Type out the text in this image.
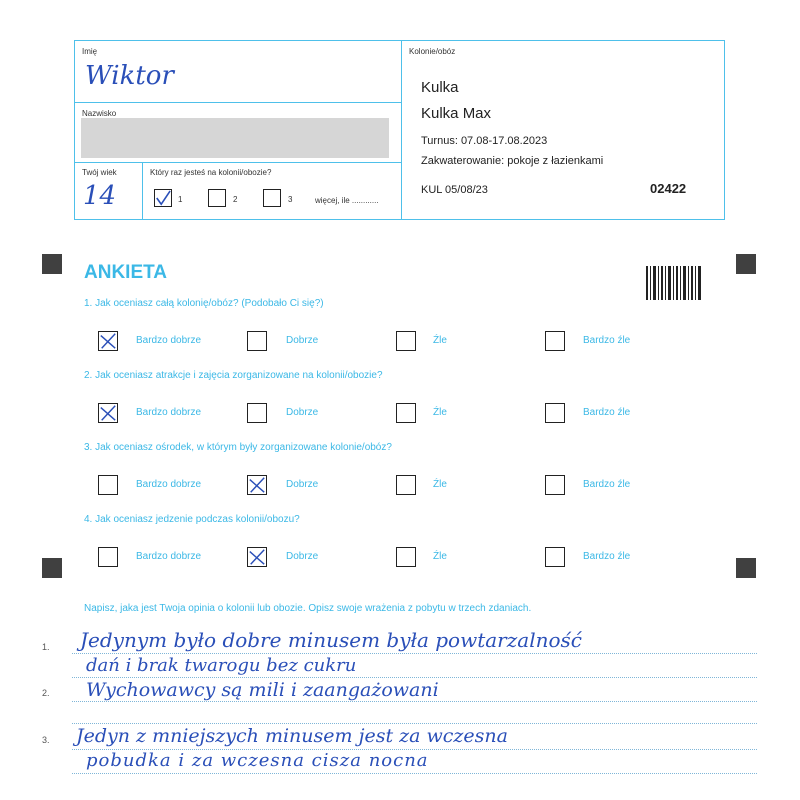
Imię
Wiktor
Nazwisko
Twój wiek
14
Który raz jesteś na kolonii/obozie?
1	2	3	więcej, ile ............
Kolonie/obóz
Kulka
Kulka Max
Turnus: 07.08-17.08.2023
Zakwaterowanie: pokoje z łazienkami
KUL 05/08/23	02422
ANKIETA
1. Jak oceniasz całą kolonię/obóz? (Podobało Ci się?)
Bardzo dobrze	Dobrze	Źle	Bardzo źle
2. Jak oceniasz atrakcje i zajęcia zorganizowane na kolonii/obozie?
Bardzo dobrze	Dobrze	Źle	Bardzo źle
3. Jak oceniasz ośrodek, w którym były zorganizowane kolonie/obóz?
Bardzo dobrze	Dobrze	Źle	Bardzo źle
4. Jak oceniasz jedzenie podczas kolonii/obozu?
Bardzo dobrze	Dobrze	Źle	Bardzo źle
Napisz, jaka jest Twoja opinia o kolonii lub obozie. Opisz swoje wrażenia z pobytu w trzech zdaniach.
1.
2.
3.
Jedynym było dobre minusem była powtarzalność
dań i brak twarogu bez cukru
Wychowawcy są mili i zaangażowani
Jedyn z mniejszych minusem jest za wczesna
pobudka i za wczesna cisza nocna
